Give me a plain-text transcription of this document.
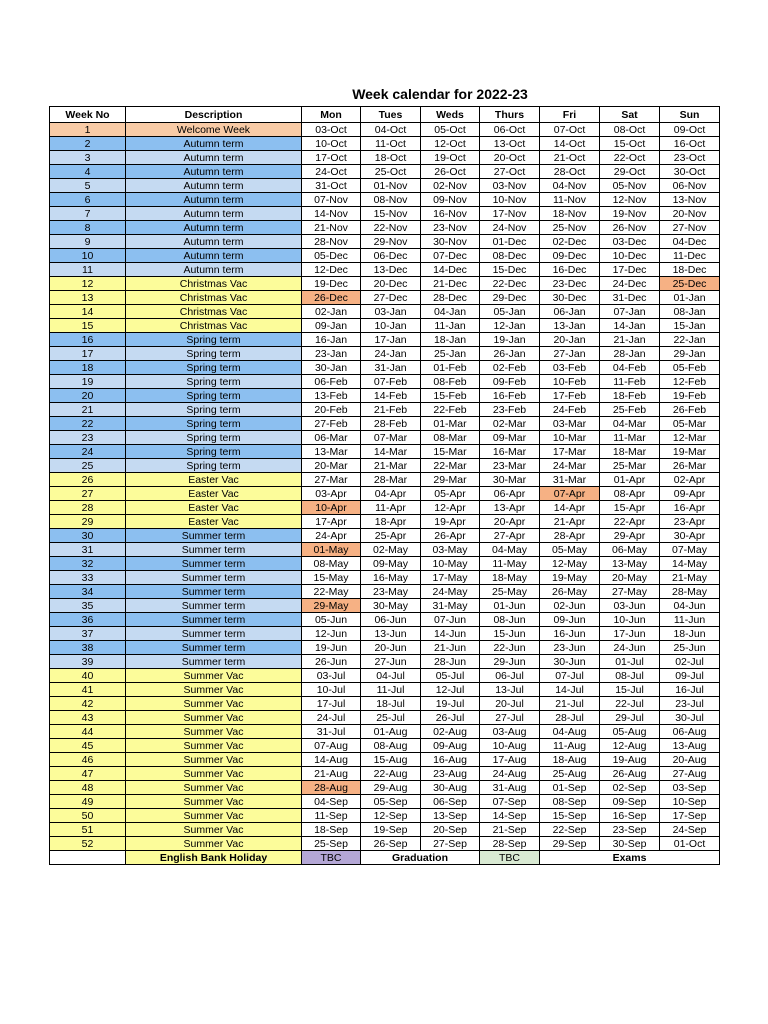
Week calendar for 2022-23
Week No	Description	Mon	Tues	Weds	Thurs	Fri	Sat	Sun
1	Welcome Week	03-Oct	04-Oct	05-Oct	06-Oct	07-Oct	08-Oct	09-Oct
2	Autumn term	10-Oct	11-Oct	12-Oct	13-Oct	14-Oct	15-Oct	16-Oct
3	Autumn term	17-Oct	18-Oct	19-Oct	20-Oct	21-Oct	22-Oct	23-Oct
4	Autumn term	24-Oct	25-Oct	26-Oct	27-Oct	28-Oct	29-Oct	30-Oct
5	Autumn term	31-Oct	01-Nov	02-Nov	03-Nov	04-Nov	05-Nov	06-Nov
6	Autumn term	07-Nov	08-Nov	09-Nov	10-Nov	11-Nov	12-Nov	13-Nov
7	Autumn term	14-Nov	15-Nov	16-Nov	17-Nov	18-Nov	19-Nov	20-Nov
8	Autumn term	21-Nov	22-Nov	23-Nov	24-Nov	25-Nov	26-Nov	27-Nov
9	Autumn term	28-Nov	29-Nov	30-Nov	01-Dec	02-Dec	03-Dec	04-Dec
10	Autumn term	05-Dec	06-Dec	07-Dec	08-Dec	09-Dec	10-Dec	11-Dec
11	Autumn term	12-Dec	13-Dec	14-Dec	15-Dec	16-Dec	17-Dec	18-Dec
12	Christmas Vac	19-Dec	20-Dec	21-Dec	22-Dec	23-Dec	24-Dec	25-Dec
13	Christmas Vac	26-Dec	27-Dec	28-Dec	29-Dec	30-Dec	31-Dec	01-Jan
14	Christmas Vac	02-Jan	03-Jan	04-Jan	05-Jan	06-Jan	07-Jan	08-Jan
15	Christmas Vac	09-Jan	10-Jan	11-Jan	12-Jan	13-Jan	14-Jan	15-Jan
16	Spring term	16-Jan	17-Jan	18-Jan	19-Jan	20-Jan	21-Jan	22-Jan
17	Spring term	23-Jan	24-Jan	25-Jan	26-Jan	27-Jan	28-Jan	29-Jan
18	Spring term	30-Jan	31-Jan	01-Feb	02-Feb	03-Feb	04-Feb	05-Feb
19	Spring term	06-Feb	07-Feb	08-Feb	09-Feb	10-Feb	11-Feb	12-Feb
20	Spring term	13-Feb	14-Feb	15-Feb	16-Feb	17-Feb	18-Feb	19-Feb
21	Spring term	20-Feb	21-Feb	22-Feb	23-Feb	24-Feb	25-Feb	26-Feb
22	Spring term	27-Feb	28-Feb	01-Mar	02-Mar	03-Mar	04-Mar	05-Mar
23	Spring term	06-Mar	07-Mar	08-Mar	09-Mar	10-Mar	11-Mar	12-Mar
24	Spring term	13-Mar	14-Mar	15-Mar	16-Mar	17-Mar	18-Mar	19-Mar
25	Spring term	20-Mar	21-Mar	22-Mar	23-Mar	24-Mar	25-Mar	26-Mar
26	Easter Vac	27-Mar	28-Mar	29-Mar	30-Mar	31-Mar	01-Apr	02-Apr
27	Easter Vac	03-Apr	04-Apr	05-Apr	06-Apr	07-Apr	08-Apr	09-Apr
28	Easter Vac	10-Apr	11-Apr	12-Apr	13-Apr	14-Apr	15-Apr	16-Apr
29	Easter Vac	17-Apr	18-Apr	19-Apr	20-Apr	21-Apr	22-Apr	23-Apr
30	Summer term	24-Apr	25-Apr	26-Apr	27-Apr	28-Apr	29-Apr	30-Apr
31	Summer term	01-May	02-May	03-May	04-May	05-May	06-May	07-May
32	Summer term	08-May	09-May	10-May	11-May	12-May	13-May	14-May
33	Summer term	15-May	16-May	17-May	18-May	19-May	20-May	21-May
34	Summer term	22-May	23-May	24-May	25-May	26-May	27-May	28-May
35	Summer term	29-May	30-May	31-May	01-Jun	02-Jun	03-Jun	04-Jun
36	Summer term	05-Jun	06-Jun	07-Jun	08-Jun	09-Jun	10-Jun	11-Jun
37	Summer term	12-Jun	13-Jun	14-Jun	15-Jun	16-Jun	17-Jun	18-Jun
38	Summer term	19-Jun	20-Jun	21-Jun	22-Jun	23-Jun	24-Jun	25-Jun
39	Summer term	26-Jun	27-Jun	28-Jun	29-Jun	30-Jun	01-Jul	02-Jul
40	Summer Vac	03-Jul	04-Jul	05-Jul	06-Jul	07-Jul	08-Jul	09-Jul
41	Summer Vac	10-Jul	11-Jul	12-Jul	13-Jul	14-Jul	15-Jul	16-Jul
42	Summer Vac	17-Jul	18-Jul	19-Jul	20-Jul	21-Jul	22-Jul	23-Jul
43	Summer Vac	24-Jul	25-Jul	26-Jul	27-Jul	28-Jul	29-Jul	30-Jul
44	Summer Vac	31-Jul	01-Aug	02-Aug	03-Aug	04-Aug	05-Aug	06-Aug
45	Summer Vac	07-Aug	08-Aug	09-Aug	10-Aug	11-Aug	12-Aug	13-Aug
46	Summer Vac	14-Aug	15-Aug	16-Aug	17-Aug	18-Aug	19-Aug	20-Aug
47	Summer Vac	21-Aug	22-Aug	23-Aug	24-Aug	25-Aug	26-Aug	27-Aug
48	Summer Vac	28-Aug	29-Aug	30-Aug	31-Aug	01-Sep	02-Sep	03-Sep
49	Summer Vac	04-Sep	05-Sep	06-Sep	07-Sep	08-Sep	09-Sep	10-Sep
50	Summer Vac	11-Sep	12-Sep	13-Sep	14-Sep	15-Sep	16-Sep	17-Sep
51	Summer Vac	18-Sep	19-Sep	20-Sep	21-Sep	22-Sep	23-Sep	24-Sep
52	Summer Vac	25-Sep	26-Sep	27-Sep	28-Sep	29-Sep	30-Sep	01-Oct
	English Bank Holiday	TBC	Graduation		TBC	Exams		
